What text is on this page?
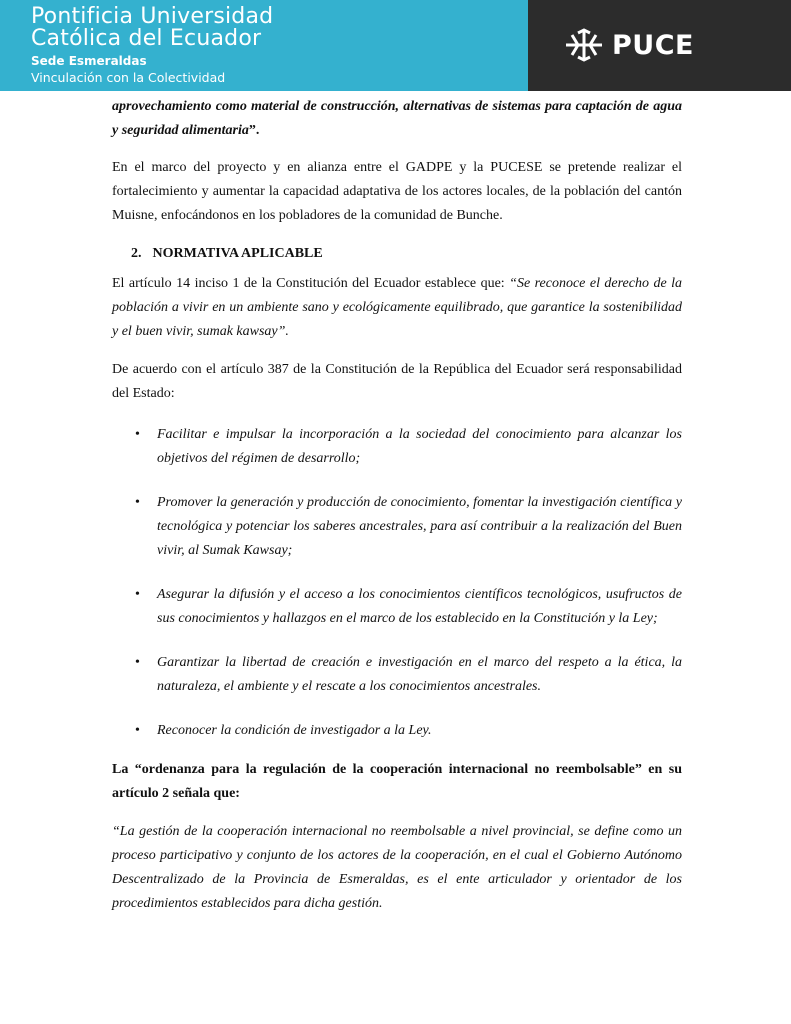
Pontificia Universidad
Católica del Ecuador
Sede Esmeraldas
Vinculación con la Colectividad
PUCE

aprovechamiento como material de construcción, alternativas de sistemas para captación de agua y seguridad alimentaria”.

En el marco del proyecto y en alianza entre el GADPE y la PUCESE se pretende realizar el fortalecimiento y aumentar la capacidad adaptativa de los actores locales, de la población del cantón Muisne, enfocándonos en los pobladores de la comunidad de Bunche.

2. NORMATIVA APLICABLE

El artículo 14 inciso 1 de la Constitución del Ecuador establece que: “Se reconoce el derecho de la población a vivir en un ambiente sano y ecológicamente equilibrado, que garantice la sostenibilidad y el buen vivir, sumak kawsay”.

De acuerdo con el artículo 387 de la Constitución de la República del Ecuador será responsabilidad del Estado:

• Facilitar e impulsar la incorporación a la sociedad del conocimiento para alcanzar los objetivos del régimen de desarrollo;
• Promover la generación y producción de conocimiento, fomentar la investigación científica y tecnológica y potenciar los saberes ancestrales, para así contribuir a la realización del Buen vivir, al Sumak Kawsay;
• Asegurar la difusión y el acceso a los conocimientos científicos tecnológicos, usufructos de sus conocimientos y hallazgos en el marco de los establecido en la Constitución y la Ley;
• Garantizar la libertad de creación e investigación en el marco del respeto a la ética, la naturaleza, el ambiente y el rescate a los conocimientos ancestrales.
• Reconocer la condición de investigador a la Ley.

La “ordenanza para la regulación de la cooperación internacional no reembolsable” en su artículo 2 señala que:

“La gestión de la cooperación internacional no reembolsable a nivel provincial, se define como un proceso participativo y conjunto de los actores de la cooperación, en el cual el Gobierno Autónomo Descentralizado de la Provincia de Esmeraldas, es el ente articulador y orientador de los procedimientos establecidos para dicha gestión.
